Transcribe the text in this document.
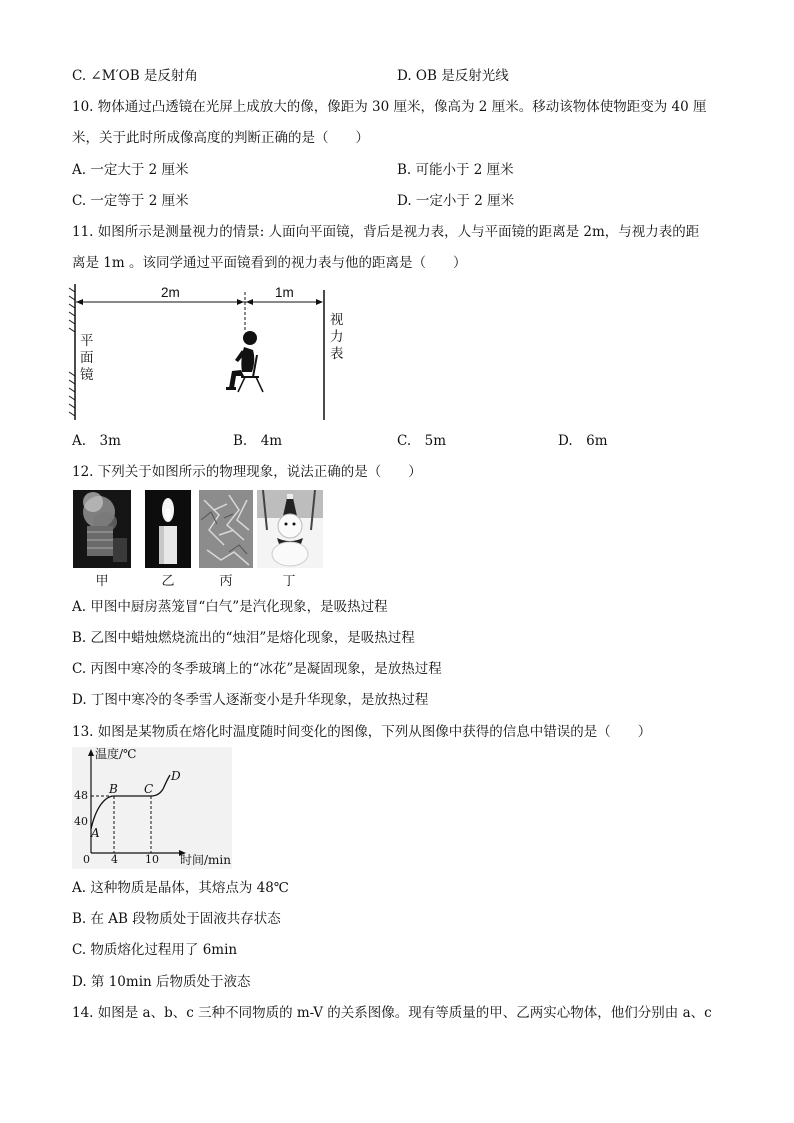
C. ∠M′OB 是反射角	D. OB 是反射光线
10. 物体通过凸透镜在光屏上成放大的像，像距为 30 厘米，像高为 2 厘米。移动该物体使物距变为 40 厘
米，关于此时所成像高度的判断正确的是（　　）
A. 一定大于 2 厘米	B. 可能小于 2 厘米
C. 一定等于 2 厘米	D. 一定小于 2 厘米
11. 如图所示是测量视力的情景: 人面向平面镜，背后是视力表，人与平面镜的距离是 2m，与视力表的距
离是 1m 。该同学通过平面镜看到的视力表与他的距离是（　　）
2m	1m
平面镜
视力表
A.　3m	B.　4m	C.　5m	D.　6m
12. 下列关于如图所示的物理现象，说法正确的是（　　）
甲	乙	丙	丁
A. 甲图中厨房蒸笼冒“白气”是汽化现象，是吸热过程
B. 乙图中蜡烛燃烧流出的“烛泪”是熔化现象，是吸热过程
C. 丙图中寒冷的冬季玻璃上的“冰花”是凝固现象，是放热过程
D. 丁图中寒冷的冬季雪人逐渐变小是升华现象，是放热过程
13. 如图是某物质在熔化时温度随时间变化的图像，下列从图像中获得的信息中错误的是（　　）
温度/℃
时间/min
48
40
0 4 10
A
B C
D
A. 这种物质是晶体，其熔点为 48℃
B. 在 AB 段物质处于固液共存状态
C. 物质熔化过程用了 6min
D. 第 10min 后物质处于液态
14. 如图是 a、b、c 三种不同物质的 m-V 的关系图像。现有等质量的甲、乙两实心物体，他们分别由 a、c
